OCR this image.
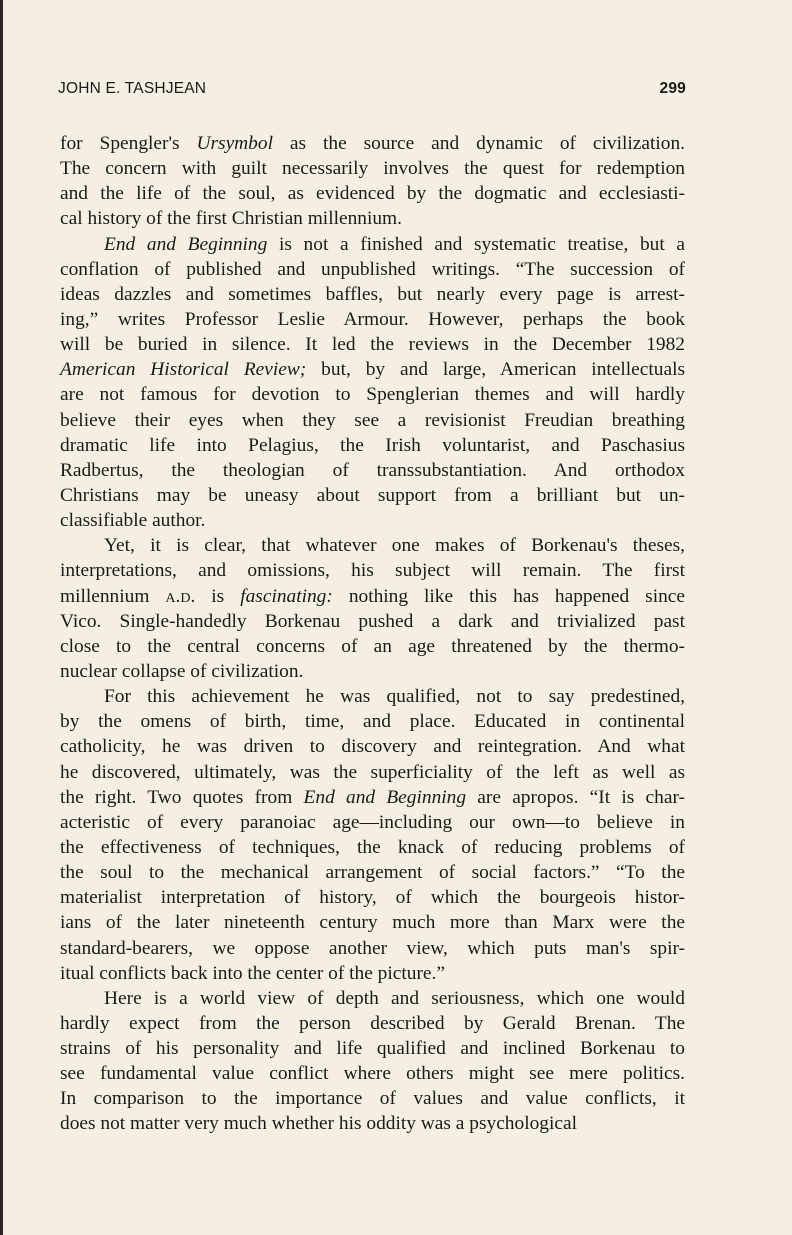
JOHN E. TASHJEAN	299
for Spengler's Ursymbol as the source and dynamic of civilization.
The concern with guilt necessarily involves the quest for redemption
and the life of the soul, as evidenced by the dogmatic and ecclesiasti-
cal history of the first Christian millennium.
End and Beginning is not a finished and systematic treatise, but a
conflation of published and unpublished writings. “The succession of
ideas dazzles and sometimes baffles, but nearly every page is arrest-
ing,” writes Professor Leslie Armour. However, perhaps the book
will be buried in silence. It led the reviews in the December 1982
American Historical Review; but, by and large, American intellectuals
are not famous for devotion to Spenglerian themes and will hardly
believe their eyes when they see a revisionist Freudian breathing
dramatic life into Pelagius, the Irish voluntarist, and Paschasius
Radbertus, the theologian of transsubstantiation. And orthodox
Christians may be uneasy about support from a brilliant but un-
classifiable author.
Yet, it is clear, that whatever one makes of Borkenau's theses,
interpretations, and omissions, his subject will remain. The first
millennium a.d. is fascinating: nothing like this has happened since
Vico. Single-handedly Borkenau pushed a dark and trivialized past
close to the central concerns of an age threatened by the thermo-
nuclear collapse of civilization.
For this achievement he was qualified, not to say predestined,
by the omens of birth, time, and place. Educated in continental
catholicity, he was driven to discovery and reintegration. And what
he discovered, ultimately, was the superficiality of the left as well as
the right. Two quotes from End and Beginning are apropos. “It is char-
acteristic of every paranoiac age—including our own—to believe in
the effectiveness of techniques, the knack of reducing problems of
the soul to the mechanical arrangement of social factors.” “To the
materialist interpretation of history, of which the bourgeois histor-
ians of the later nineteenth century much more than Marx were the
standard-bearers, we oppose another view, which puts man's spir-
itual conflicts back into the center of the picture.”
Here is a world view of depth and seriousness, which one would
hardly expect from the person described by Gerald Brenan. The
strains of his personality and life qualified and inclined Borkenau to
see fundamental value conflict where others might see mere politics.
In comparison to the importance of values and value conflicts, it
does not matter very much whether his oddity was a psychological
